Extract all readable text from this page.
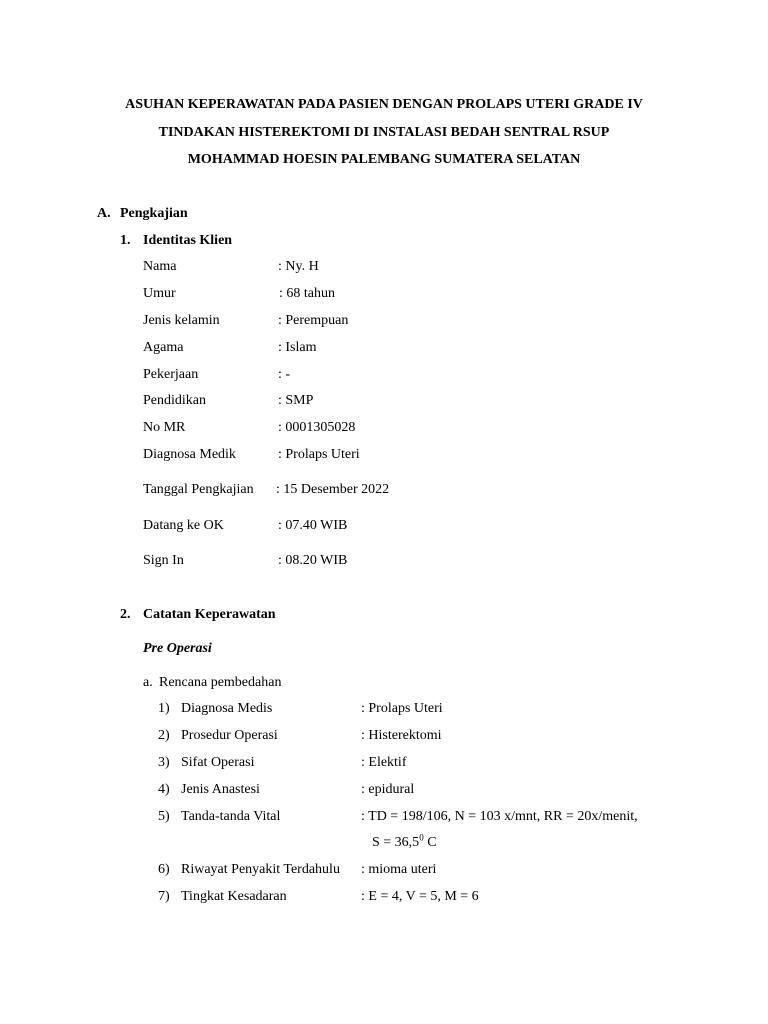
ASUHAN KEPERAWATAN PADA PASIEN DENGAN PROLAPS UTERI GRADE IV
TINDAKAN HISTEREKTOMI DI INSTALASI BEDAH SENTRAL RSUP
MOHAMMAD HOESIN PALEMBANG SUMATERA SELATAN
A. Pengkajian
1. Identitas Klien
Nama	: Ny. H
Umur	: 68 tahun
Jenis kelamin	: Perempuan
Agama	: Islam
Pekerjaan	: -
Pendidikan	: SMP
No MR	: 0001305028
Diagnosa Medik	: Prolaps Uteri
Tanggal Pengkajian : 15 Desember 2022
Datang ke OK	: 07.40 WIB
Sign In	: 08.20 WIB
2. Catatan Keperawatan
Pre Operasi
a. Rencana pembedahan
1) Diagnosa Medis	: Prolaps Uteri
2) Prosedur Operasi	: Histerektomi
3) Sifat Operasi	: Elektif
4) Jenis Anastesi	: epidural
5) Tanda-tanda Vital	: TD = 198/106, N = 103 x/mnt, RR = 20x/menit,
$S = 36,5^0$ C
6) Riwayat Penyakit Terdahulu : mioma uteri
7) Tingkat Kesadaran	: E = 4, V = 5, M = 6
